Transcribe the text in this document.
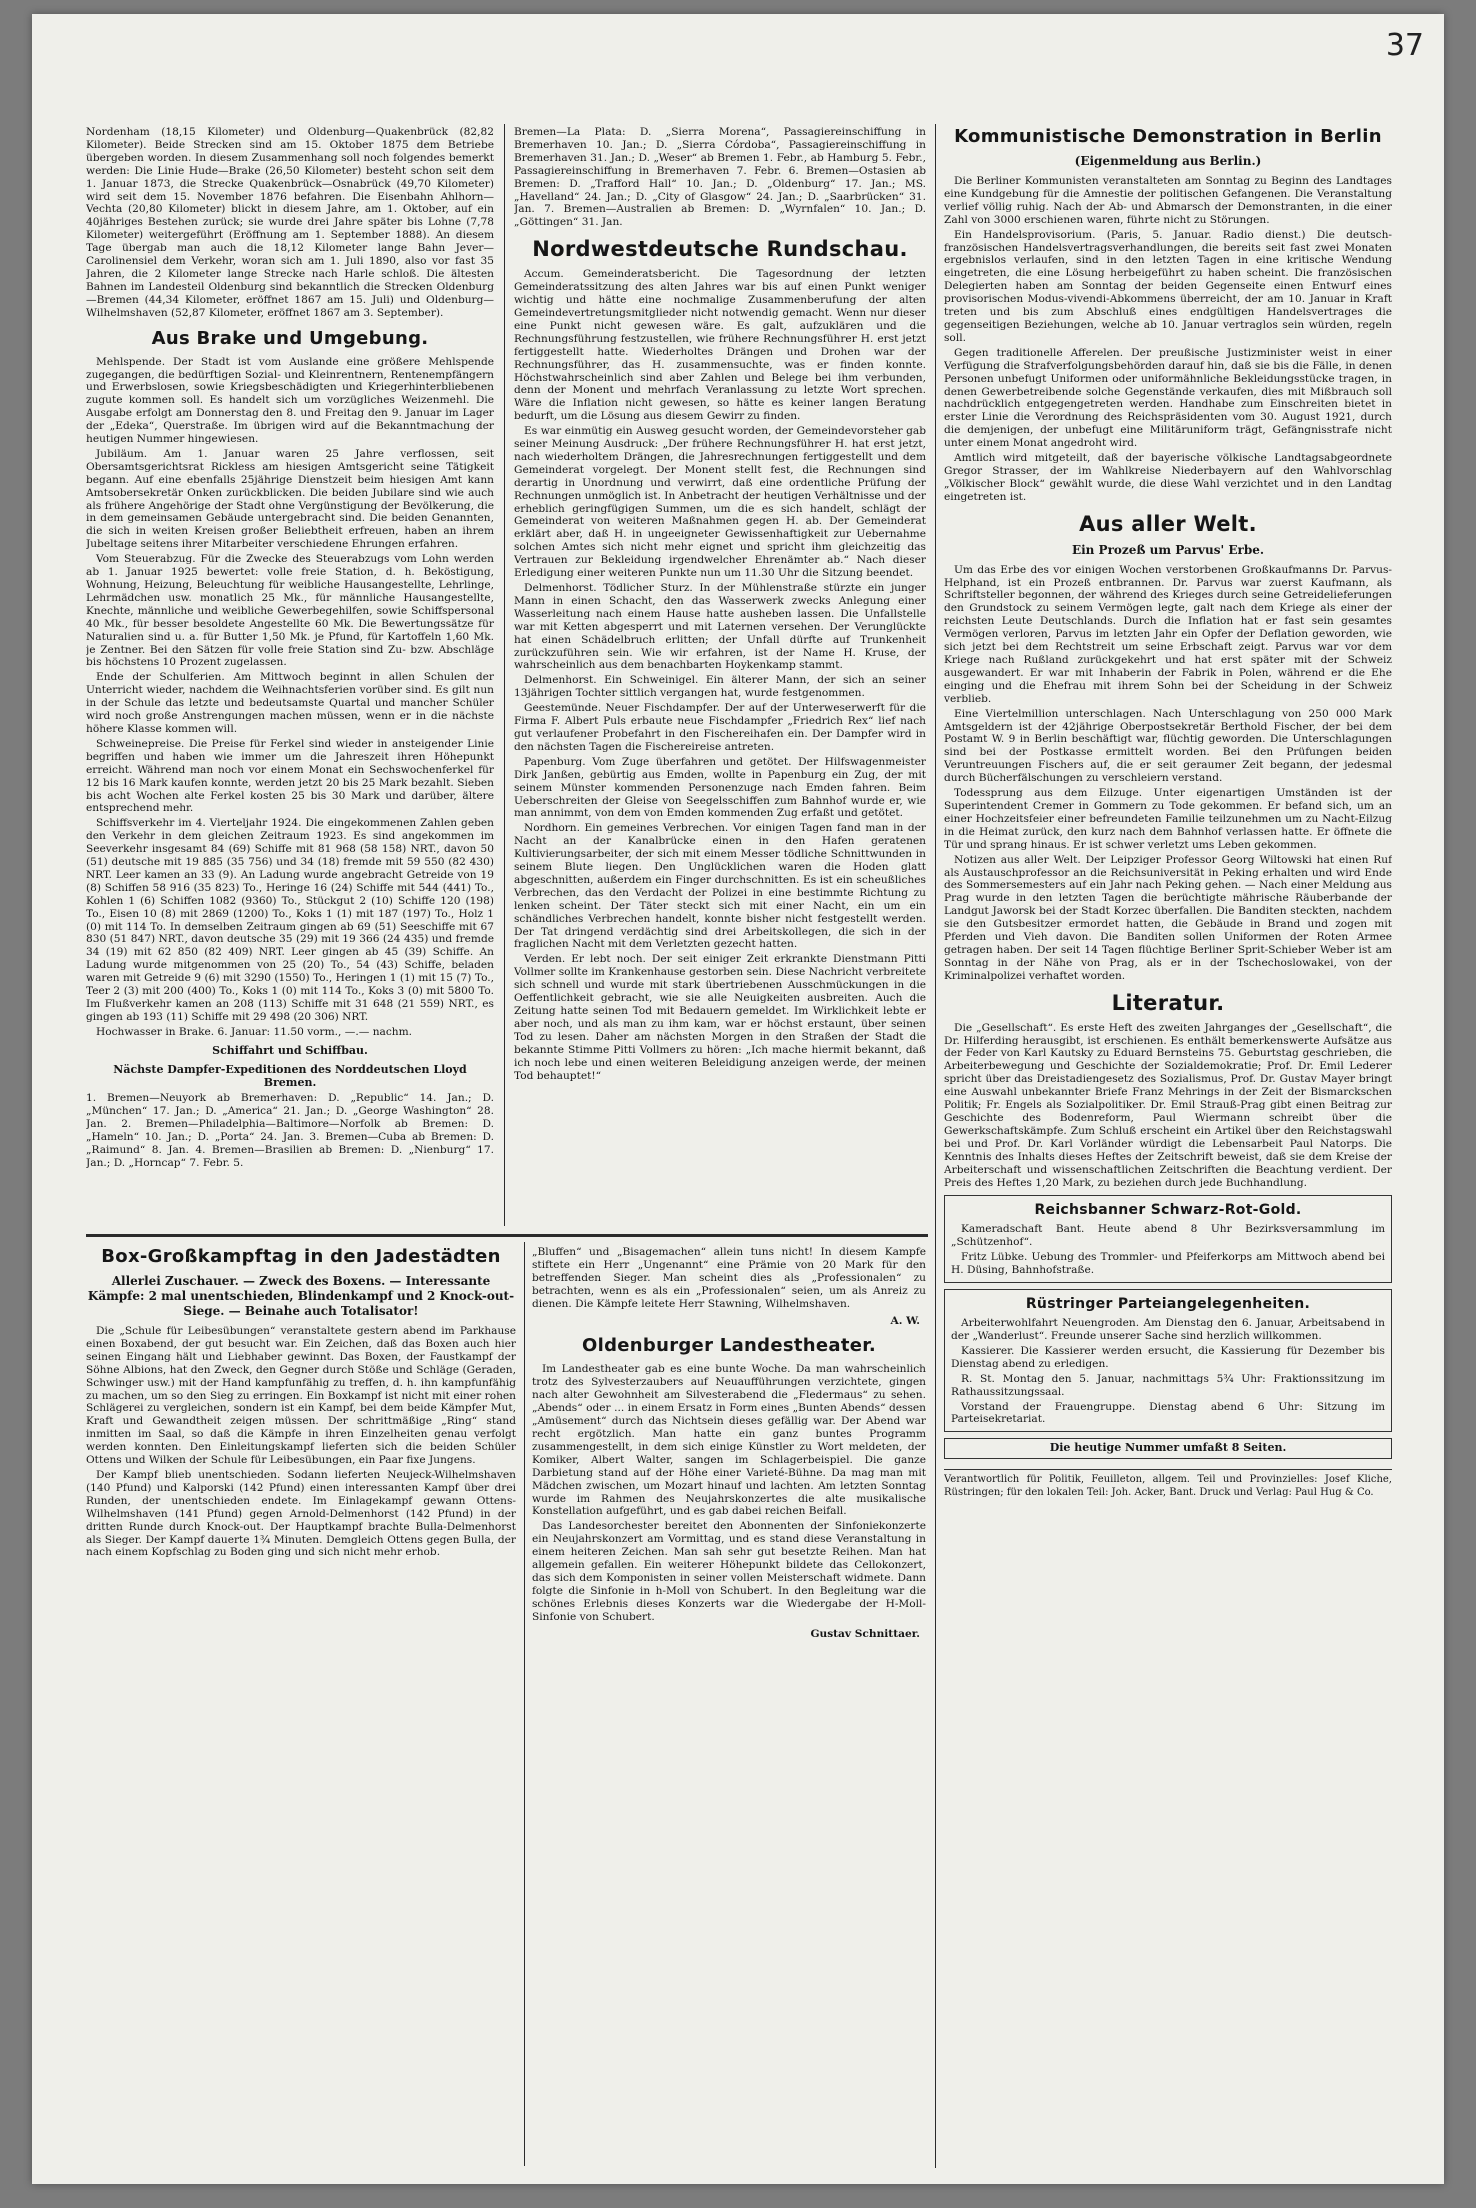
37

Nordenham (18,15 Kilometer) und Oldenburg—Quakenbrück (82,82 Kilometer). Beide Strecken sind am 15. Oktober 1875 dem Betriebe übergeben worden. In diesem Zusammenhang soll noch folgendes bemerkt werden: Die Linie Hude—Brake (26,50 Kilometer) besteht schon seit dem 1. Januar 1873, die Strecke Quakenbrück—Osnabrück (49,70 Kilometer) wird seit dem 15. November 1876 befahren. Die Eisenbahn Ahlhorn—Vechta (20,80 Kilometer) blickt in diesem Jahre, am 1. Oktober, auf ein 40jähriges Bestehen zurück; sie wurde drei Jahre später bis Lohne (7,78 Kilometer) weitergeführt (Eröffnung am 1. September 1888). An diesem Tage übergab man auch die 18,12 Kilometer lange Bahn Jever—Carolinensiel dem Verkehr, woran sich am 1. Juli 1890, also vor fast 35 Jahren, die 2 Kilometer lange Strecke nach Harle schloß. Die ältesten Bahnen im Landesteil Oldenburg sind bekanntlich die Strecken Oldenburg—Bremen (44,34 Kilometer, eröffnet 1867 am 15. Juli) und Oldenburg—Wilhelmshaven (52,87 Kilometer, eröffnet 1867 am 3. September).

Aus Brake und Umgebung.

Mehlspende. Der Stadt ist vom Auslande eine größere Mehlspende zugegangen, die bedürftigen Sozial- und Kleinrentnern, Rentenempfängern und Erwerbslosen, sowie Kriegsbeschädigten und Kriegerhinterbliebenen zugute kommen soll. Es handelt sich um vorzügliches Weizenmehl. Die Ausgabe erfolgt am Donnerstag den 8. und Freitag den 9. Januar im Lager der „Edeka“, Querstraße. Im übrigen wird auf die Bekanntmachung der heutigen Nummer hingewiesen.

Jubiläum. Am 1. Januar waren 25 Jahre verflossen, seit Obersamtsgerichtsrat Rickless am hiesigen Amtsgericht seine Tätigkeit begann. Auf eine ebenfalls 25jährige Dienstzeit beim hiesigen Amt kann Amtsobersekretär Onken zurückblicken. Die beiden Jubilare sind wie auch als frühere Angehörige der Stadt ohne Vergünstigung der Bevölkerung, die in dem gemeinsamen Gebäude untergebracht sind. Die beiden Genannten, die sich in weiten Kreisen großer Beliebtheit erfreuen, haben an ihrem Jubeltage seitens ihrer Mitarbeiter verschiedene Ehrungen erfahren.

Vom Steuerabzug. Für die Zwecke des Steuerabzugs vom Lohn werden ab 1. Januar 1925 bewertet: volle freie Station, d. h. Beköstigung, Wohnung, Heizung, Beleuchtung für weibliche Hausangestellte, Lehrlinge, Lehrmädchen usw. monatlich 25 Mk., für männliche Hausangestellte, Knechte, männliche und weibliche Gewerbegehilfen, sowie Schiffspersonal 40 Mk., für besser besoldete Angestellte 60 Mk. Die Bewertungssätze für Naturalien sind u. a. für Butter 1,50 Mk. je Pfund, für Kartoffeln 1,60 Mk. je Zentner. Bei den Sätzen für volle freie Station sind Zu- bzw. Abschläge bis höchstens 10 Prozent zugelassen.

Ende der Schulferien. Am Mittwoch beginnt in allen Schulen der Unterricht wieder, nachdem die Weihnachtsferien vorüber sind. Es gilt nun in der Schule das letzte und bedeutsamste Quartal und mancher Schüler wird noch große Anstrengungen machen müssen, wenn er in die nächste höhere Klasse kommen will.

Schweinepreise. Die Preise für Ferkel sind wieder in ansteigender Linie begriffen und haben wie immer um die Jahreszeit ihren Höhepunkt erreicht. Während man noch vor einem Monat ein Sechswochenferkel für 12 bis 16 Mark kaufen konnte, werden jetzt 20 bis 25 Mark bezahlt. Sieben bis acht Wochen alte Ferkel kosten 25 bis 30 Mark und darüber, ältere entsprechend mehr.

Schiffsverkehr im 4. Vierteljahr 1924. Die eingekommenen Zahlen geben den Verkehr in dem gleichen Zeitraum 1923. Es sind angekommen im Seeverkehr insgesamt 84 (69) Schiffe mit 81 968 (58 158) NRT., davon 50 (51) deutsche mit 19 885 (35 756) und 34 (18) fremde mit 59 550 (82 430) NRT. Leer kamen an 33 (9). An Ladung wurde angebracht Getreide von 19 (8) Schiffen 58 916 (35 823) To., Heringe 16 (24) Schiffe mit 544 (441) To., Kohlen 1 (6) Schiffen 1082 (9360) To., Stückgut 2 (10) Schiffe 120 (198) To., Eisen 10 (8) mit 2869 (1200) To., Koks 1 (1) mit 187 (197) To., Holz 1 (0) mit 114 To. In demselben Zeitraum gingen ab 69 (51) Seeschiffe mit 67 830 (51 847) NRT., davon deutsche 35 (29) mit 19 366 (24 435) und fremde 34 (19) mit 62 850 (82 409) NRT. Leer gingen ab 45 (39) Schiffe. An Ladung wurde mitgenommen von 25 (20) To., 54 (43) Schiffe, beladen waren mit Getreide 9 (6) mit 3290 (1550) To., Heringen 1 (1) mit 15 (7) To., Teer 2 (3) mit 200 (400) To., Koks 1 (0) mit 114 To., Koks 3 (0) mit 5800 To. Im Flußverkehr kamen an 208 (113) Schiffe mit 31 648 (21 559) NRT., es gingen ab 193 (11) Schiffe mit 29 498 (20 306) NRT.

Hochwasser in Brake. 6. Januar: 11.50 vorm., —.— nachm.

Schiffahrt und Schiffbau.
Nächste Dampfer-Expeditionen des Norddeutschen Lloyd Bremen.

1. Bremen—Neuyork ab Bremerhaven: D. „Republic“ 14. Jan.; D. „München“ 17. Jan.; D. „America“ 21. Jan.; D. „George Washington“ 28. Jan. 2. Bremen—Philadelphia—Baltimore—Norfolk ab Bremen: D. „Hameln“ 10. Jan.; D. „Porta“ 24. Jan. 3. Bremen—Cuba ab Bremen: D. „Raimund“ 8. Jan. 4. Bremen—Brasilien ab Bremen: D. „Nienburg“ 17. Jan.; D. „Horncap“ 7. Febr. 5.

Bremen—La Plata: D. „Sierra Morena“, Passagiereinschiffung in Bremerhaven 10. Jan.; D. „Sierra Córdoba“, Passagiereinschiffung in Bremerhaven 31. Jan.; D. „Weser“ ab Bremen 1. Febr., ab Hamburg 5. Febr., Passagiereinschiffung in Bremerhaven 7. Febr. 6. Bremen—Ostasien ab Bremen: D. „Trafford Hall“ 10. Jan.; D. „Oldenburg“ 17. Jan.; MS. „Havelland“ 24. Jan.; D. „City of Glasgow“ 24. Jan.; D. „Saarbrücken“ 31. Jan. 7. Bremen—Australien ab Bremen: D. „Wyrnfalen“ 10. Jan.; D. „Göttingen“ 31. Jan.

Nordwestdeutsche Rundschau.

Accum. Gemeinderatsbericht. Die Tagesordnung der letzten Gemeinderatssitzung des alten Jahres war bis auf einen Punkt weniger wichtig und hätte eine nochmalige Zusammenberufung der alten Gemeindevertretungsmitglieder nicht notwendig gemacht. Wenn nur dieser eine Punkt nicht gewesen wäre. Es galt, aufzuklären und die Rechnungsführung festzustellen, wie frühere Rechnungsführer H. erst jetzt fertiggestellt hatte. Wiederholtes Drängen und Drohen war der Rechnungsführer, das H. zusammensuchte, was er finden konnte. Höchstwahrscheinlich sind aber Zahlen und Belege bei ihm verbunden, denn der Monent und mehrfach Veranlassung zu letzte Wort sprechen. Wäre die Inflation nicht gewesen, so hätte es keiner langen Beratung bedurft, um die Lösung aus diesem Gewirr zu finden.

Es war einmütig ein Ausweg gesucht worden, der Gemeindevorsteher gab seiner Meinung Ausdruck: „Der frühere Rechnungsführer H. hat erst jetzt, nach wiederholtem Drängen, die Jahresrechnungen fertiggestellt und dem Gemeinderat vorgelegt. Der Monent stellt fest, die Rechnungen sind derartig in Unordnung und verwirrt, daß eine ordentliche Prüfung der Rechnungen unmöglich ist. In Anbetracht der heutigen Verhältnisse und der erheblich geringfügigen Summen, um die es sich handelt, schlägt der Gemeinderat von weiteren Maßnahmen gegen H. ab. Der Gemeinderat erklärt aber, daß H. in ungeeigneter Gewissenhaftigkeit zur Uebernahme solchen Amtes sich nicht mehr eignet und spricht ihm gleichzeitig das Vertrauen zur Bekleidung irgendwelcher Ehrenämter ab.“ Nach dieser Erledigung einer weiteren Punkte nun um 11.30 Uhr die Sitzung beendet.

Delmenhorst. Tödlicher Sturz. In der Mühlenstraße stürzte ein junger Mann in einen Schacht, den das Wasserwerk zwecks Anlegung einer Wasserleitung nach einem Hause hatte ausheben lassen. Die Unfallstelle war mit Ketten abgesperrt und mit Laternen versehen. Der Verunglückte hat einen Schädelbruch erlitten; der Unfall dürfte auf Trunkenheit zurückzuführen sein. Wie wir erfahren, ist der Name H. Kruse, der wahrscheinlich aus dem benachbarten Hoykenkamp stammt.

Delmenhorst. Ein Schweinigel. Ein älterer Mann, der sich an seiner 13jährigen Tochter sittlich vergangen hat, wurde festgenommen.

Geestemünde. Neuer Fischdampfer. Der auf der Unterweserwerft für die Firma F. Albert Puls erbaute neue Fischdampfer „Friedrich Rex“ lief nach gut verlaufener Probefahrt in den Fischereihafen ein. Der Dampfer wird in den nächsten Tagen die Fischereireise antreten.

Papenburg. Vom Zuge überfahren und getötet. Der Hilfswagenmeister Dirk Janßen, gebürtig aus Emden, wollte in Papenburg ein Zug, der mit seinem Münster kommenden Personenzuge nach Emden fahren. Beim Ueberschreiten der Gleise von Seegelsschiffen zum Bahnhof wurde er, wie man annimmt, von dem von Emden kommenden Zug erfaßt und getötet.

Nordhorn. Ein gemeines Verbrechen. Vor einigen Tagen fand man in der Nacht an der Kanalbrücke einen in den Hafen geratenen Kultivierungsarbeiter, der sich mit einem Messer tödliche Schnittwunden in seinem Blute liegen. Den Unglücklichen waren die Hoden glatt abgeschnitten, außerdem ein Finger durchschnitten. Es ist ein scheußliches Verbrechen, das den Verdacht der Polizei in eine bestimmte Richtung zu lenken scheint. Der Täter steckt sich mit einer Nacht, ein um ein schändliches Verbrechen handelt, konnte bisher nicht festgestellt werden. Der Tat dringend verdächtig sind drei Arbeitskollegen, die sich in der fraglichen Nacht mit dem Verletzten gezecht hatten.

Verden. Er lebt noch. Der seit einiger Zeit erkrankte Dienstmann Pitti Vollmer sollte im Krankenhause gestorben sein. Diese Nachricht verbreitete sich schnell und wurde mit stark übertriebenen Ausschmückungen in die Oeffentlichkeit gebracht, wie sie alle Neuigkeiten ausbreiten. Auch die Zeitung hatte seinen Tod mit Bedauern gemeldet. Im Wirklichkeit lebte er aber noch, und als man zu ihm kam, war er höchst erstaunt, über seinen Tod zu lesen. Daher am nächsten Morgen in den Straßen der Stadt die bekannte Stimme Pitti Vollmers zu hören: „Ich mache hiermit bekannt, daß ich noch lebe und einen weiteren Beleidigung anzeigen werde, der meinen Tod behauptet!“

Kommunistische Demonstration in Berlin
(Eigenmeldung aus Berlin.)

Die Berliner Kommunisten veranstalteten am Sonntag zu Beginn des Landtages eine Kundgebung für die Amnestie der politischen Gefangenen. Die Veranstaltung verlief völlig ruhig. Nach der Ab- und Abmarsch der Demonstranten, in die einer Zahl von 3000 erschienen waren, führte nicht zu Störungen.

Ein Handelsprovisorium. (Paris, 5. Januar. Radio dienst.) Die deutsch-französischen Handelsvertragsverhandlungen, die bereits seit fast zwei Monaten ergebnislos verlaufen, sind in den letzten Tagen in eine kritische Wendung eingetreten, die eine Lösung herbeigeführt zu haben scheint. Die französischen Delegierten haben am Sonntag der beiden Gegenseite einen Entwurf eines provisorischen Modus-vivendi-Abkommens überreicht, der am 10. Januar in Kraft treten und bis zum Abschluß eines endgültigen Handelsvertrages die gegenseitigen Beziehungen, welche ab 10. Januar vertraglos sein würden, regeln soll.

Gegen traditionelle Afferelen. Der preußische Justizminister weist in einer Verfügung die Strafverfolgungsbehörden darauf hin, daß sie bis die Fälle, in denen Personen unbefugt Uniformen oder uniformähnliche Bekleidungsstücke tragen, in denen Gewerbetreibende solche Gegenstände verkaufen, dies mit Mißbrauch soll nachdrücklich entgegengetreten werden. Handhabe zum Einschreiten bietet in erster Linie die Verordnung des Reichspräsidenten vom 30. August 1921, durch die demjenigen, der unbefugt eine Militäruniform trägt, Gefängnisstrafe nicht unter einem Monat angedroht wird.

Amtlich wird mitgeteilt, daß der bayerische völkische Landtagsabgeordnete Gregor Strasser, der im Wahlkreise Niederbayern auf den Wahlvorschlag „Völkischer Block“ gewählt wurde, die diese Wahl verzichtet und in den Landtag eingetreten ist.

Aus aller Welt.
Ein Prozeß um Parvus' Erbe.

Um das Erbe des vor einigen Wochen verstorbenen Großkaufmanns Dr. Parvus-Helphand, ist ein Prozeß entbrannen. Dr. Parvus war zuerst Kaufmann, als Schriftsteller begonnen, der während des Krieges durch seine Getreidelieferungen den Grundstock zu seinem Vermögen legte, galt nach dem Kriege als einer der reichsten Leute Deutschlands. Durch die Inflation hat er fast sein gesamtes Vermögen verloren, Parvus im letzten Jahr ein Opfer der Deflation geworden, wie sich jetzt bei dem Rechtstreit um seine Erbschaft zeigt. Parvus war vor dem Kriege nach Rußland zurückgekehrt und hat erst später mit der Schweiz ausgewandert. Er war mit Inhaberin der Fabrik in Polen, während er die Ehe einging und die Ehefrau mit ihrem Sohn bei der Scheidung in der Schweiz verblieb.

Eine Viertelmillion unterschlagen. Nach Unterschlagung von 250 000 Mark Amtsgeldern ist der 42jährige Oberpostsekretär Berthold Fischer, der bei dem Postamt W. 9 in Berlin beschäftigt war, flüchtig geworden. Die Unterschlagungen sind bei der Postkasse ermittelt worden. Bei den Prüfungen beiden Veruntreuungen Fischers auf, die er seit geraumer Zeit begann, der jedesmal durch Bücherfälschungen zu verschleiern verstand.

Todessprung aus dem Eilzuge. Unter eigenartigen Umständen ist der Superintendent Cremer in Gommern zu Tode gekommen. Er befand sich, um an einer Hochzeitsfeier einer befreundeten Familie teilzunehmen um zu Nacht-Eilzug in die Heimat zurück, den kurz nach dem Bahnhof verlassen hatte. Er öffnete die Tür und sprang hinaus. Er ist schwer verletzt ums Leben gekommen.

Notizen aus aller Welt. Der Leipziger Professor Georg Wiltowski hat einen Ruf als Austauschprofessor an die Reichsuniversität in Peking erhalten und wird Ende des Sommersemesters auf ein Jahr nach Peking gehen. — Nach einer Meldung aus Prag wurde in den letzten Tagen die berüchtigte mährische Räuberbande der Landgut Jaworsk bei der Stadt Korzec überfallen. Die Banditen steckten, nachdem sie den Gutsbesitzer ermordet hatten, die Gebäude in Brand und zogen mit Pferden und Vieh davon. Die Banditen sollen Uniformen der Roten Armee getragen haben. Der seit 14 Tagen flüchtige Berliner Sprit-Schieber Weber ist am Sonntag in der Nähe von Prag, als er in der Tschechoslowakei, von der Kriminalpolizei verhaftet worden.

Literatur.

Die „Gesellschaft“. Es erste Heft des zweiten Jahrganges der „Gesellschaft“, die Dr. Hilferding herausgibt, ist erschienen. Es enthält bemerkenswerte Aufsätze aus der Feder von Karl Kautsky zu Eduard Bernsteins 75. Geburtstag geschrieben, die Arbeiterbewegung und Geschichte der Sozialdemokratie; Prof. Dr. Emil Lederer spricht über das Dreistadiengesetz des Sozialismus, Prof. Dr. Gustav Mayer bringt eine Auswahl unbekannter Briefe Franz Mehrings in der Zeit der Bismarckschen Politik; Fr. Engels als Sozialpolitiker. Dr. Emil Strauß-Prag gibt einen Beitrag zur Geschichte des Bodenreform, Paul Wiermann schreibt über die Gewerkschaftskämpfe. Zum Schluß erscheint ein Artikel über den Reichstagswahl bei und Prof. Dr. Karl Vorländer würdigt die Lebensarbeit Paul Natorps. Die Kenntnis des Inhalts dieses Heftes der Zeitschrift beweist, daß sie dem Kreise der Arbeiterschaft und wissenschaftlichen Zeitschriften die Beachtung verdient. Der Preis des Heftes 1,20 Mark, zu beziehen durch jede Buchhandlung.

Reichsbanner Schwarz-Rot-Gold.

Kameradschaft Bant. Heute abend 8 Uhr Bezirksversammlung im „Schützenhof“.

Fritz Lübke. Uebung des Trommler- und Pfeiferkorps am Mittwoch abend bei H. Düsing, Bahnhofstraße.

Rüstringer Parteiangelegenheiten.

Arbeiterwohlfahrt Neuengroden. Am Dienstag den 6. Januar, Arbeitsabend in der „Wanderlust“. Freunde unserer Sache sind herzlich willkommen.

Kassierer. Die Kassierer werden ersucht, die Kassierung für Dezember bis Dienstag abend zu erledigen.

R. St. Montag den 5. Januar, nachmittags 5¾ Uhr: Fraktionssitzung im Rathaussitzungssaal.

Vorstand der Frauengruppe. Dienstag abend 6 Uhr: Sitzung im Parteisekretariat.

Die heutige Nummer umfaßt 8 Seiten.
Verantwortlich für Politik, Feuilleton, allgem. Teil und Provinzielles: Josef Kliche, Rüstringen; für den lokalen Teil: Joh. Acker, Bant. Druck und Verlag: Paul Hug & Co.
Box-Großkampftag in den Jadestädten
Allerlei Zuschauer. — Zweck des Boxens. — Interessante Kämpfe: 2 mal unentschieden, Blindenkampf und 2 Knock-out-Siege. — Beinahe auch Totalisator!

Die „Schule für Leibesübungen“ veranstaltete gestern abend im Parkhause einen Boxabend, der gut besucht war. Ein Zeichen, daß das Boxen auch hier seinen Eingang hält und Liebhaber gewinnt. Das Boxen, der Faustkampf der Söhne Albions, hat den Zweck, den Gegner durch Stöße und Schläge (Geraden, Schwinger usw.) mit der Hand kampfunfähig zu treffen, d. h. ihn kampfunfähig zu machen, um so den Sieg zu erringen. Ein Boxkampf ist nicht mit einer rohen Schlägerei zu vergleichen, sondern ist ein Kampf, bei dem beide Kämpfer Mut, Kraft und Gewandtheit zeigen müssen. Der schrittmäßige „Ring“ stand inmitten im Saal, so daß die Kämpfe in ihren Einzelheiten genau verfolgt werden konnten. Den Einleitungskampf lieferten sich die beiden Schüler Ottens und Wilken der Schule für Leibesübungen, ein Paar fixe Jungens.

Der Kampf blieb unentschieden. Sodann lieferten Neujeck-Wilhelmshaven (140 Pfund) und Kalporski (142 Pfund) einen interessanten Kampf über drei Runden, der unentschieden endete. Im Einlagekampf gewann Ottens-Wilhelmshaven (141 Pfund) gegen Arnold-Delmenhorst (142 Pfund) in der dritten Runde durch Knock-out. Der Hauptkampf brachte Bulla-Delmenhorst als Sieger. Der Kampf dauerte 1¾ Minuten. Demgleich Ottens gegen Bulla, der nach einem Kopfschlag zu Boden ging und sich nicht mehr erhob.

„Bluffen“ und „Bisagemachen“ allein tuns nicht! In diesem Kampfe stiftete ein Herr „Ungenannt“ eine Prämie von 20 Mark für den betreffenden Sieger. Man scheint dies als „Professionalen“ zu betrachten, wenn es als ein „Professionalen“ seien, um als Anreiz zu dienen. Die Kämpfe leitete Herr Stawning, Wilhelmshaven.

A. W.
Oldenburger Landestheater.

Im Landestheater gab es eine bunte Woche. Da man wahrscheinlich trotz des Sylvesterzaubers auf Neuaufführungen verzichtete, gingen nach alter Gewohnheit am Silvesterabend die „Fledermaus“ zu sehen. „Abends“ oder ... in einem Ersatz in Form eines „Bunten Abends“ dessen „Amüsement“ durch das Nichtsein dieses gefällig war. Der Abend war recht ergötzlich. Man hatte ein ganz buntes Programm zusammengestellt, in dem sich einige Künstler zu Wort meldeten, der Komiker, Albert Walter, sangen im Schlagerbeispiel. Die ganze Darbietung stand auf der Höhe einer Varieté-Bühne. Da mag man mit Mädchen zwischen, um Mozart hinauf und lachten. Am letzten Sonntag wurde im Rahmen des Neujahrskonzertes die alte musikalische Konstellation aufgeführt, und es gab dabei reichen Beifall.

Das Landesorchester bereitet den Abonnenten der Sinfoniekonzerte ein Neujahrskonzert am Vormittag, und es stand diese Veranstaltung in einem heiteren Zeichen. Man sah sehr gut besetzte Reihen. Man hat allgemein gefallen. Ein weiterer Höhepunkt bildete das Cellokonzert, das sich dem Komponisten in seiner vollen Meisterschaft widmete. Dann folgte die Sinfonie in h-Moll von Schubert. In den Begleitung war die schönes Erlebnis dieses Konzerts war die Wiedergabe der H-Moll-Sinfonie von Schubert.

Gustav Schnittaer.
